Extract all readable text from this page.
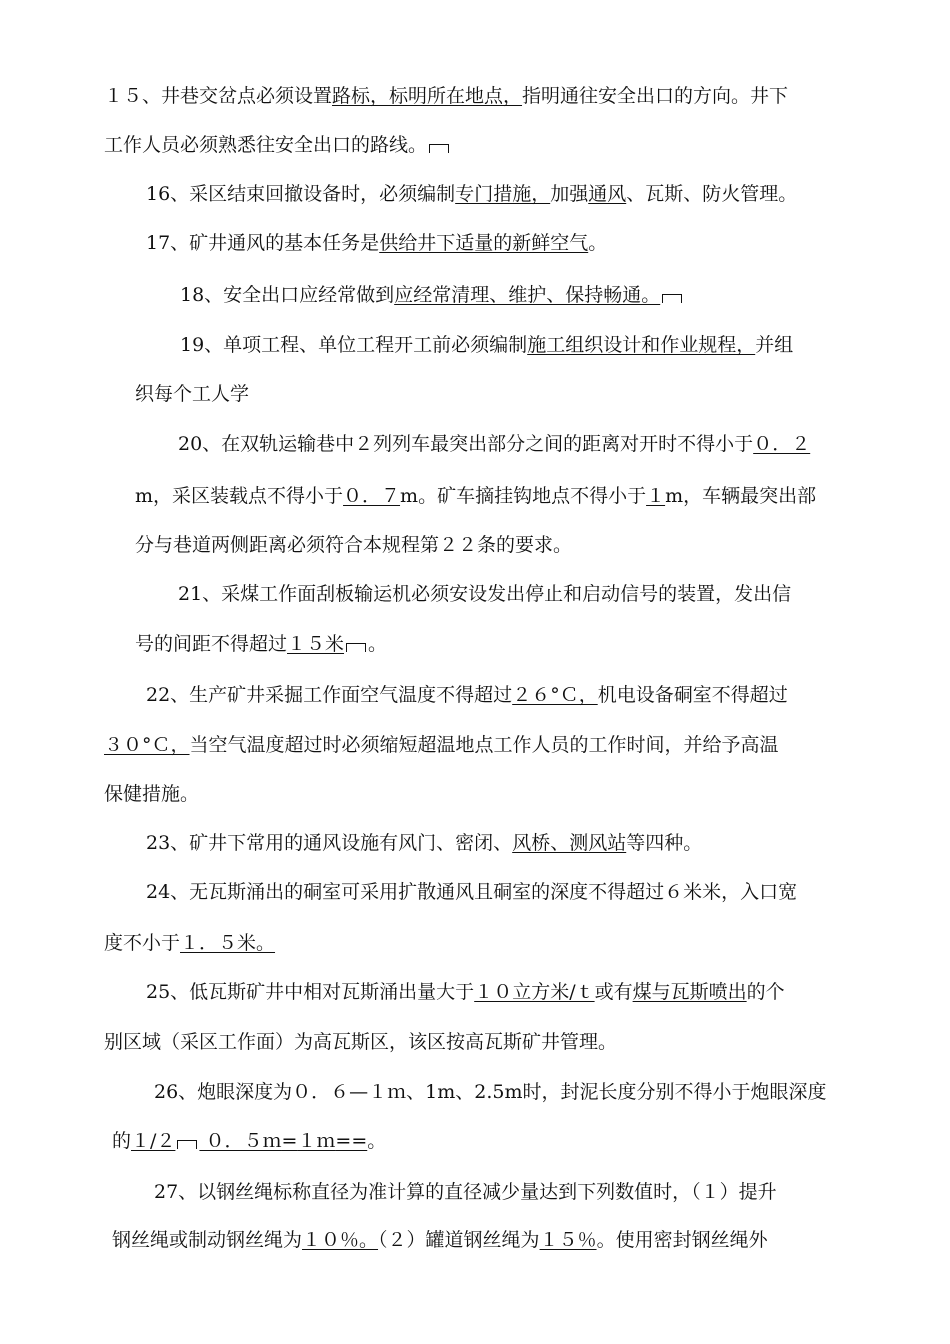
１５、井巷交岔点必须设置路标，标明所在地点，指明通往安全出口的方向。井下
工作人员必须熟悉往安全出口的路线。
16、采区结束回撤设备时，必须编制专门措施，加强通风、瓦斯、防火管理。
17、矿井通风的基本任务是供给井下适量的新鲜空气。
18、安全出口应经常做到应经常清理、维护、保持畅通。
19、单项工程、单位工程开工前必须编制施工组织设计和作业规程，并组
织每个工人学
20、在双轨运输巷中２列列车最突出部分之间的距离对开时不得小于０．２
m，采区装载点不得小于０．７m。矿车摘挂钩地点不得小于１m，车辆最突出部
分与巷道两侧距离必须符合本规程第２２条的要求。
21、采煤工作面刮板输运机必须安设发出停止和启动信号的装置，发出信
号的间距不得超过１５米 。
22、生产矿井采掘工作面空气温度不得超过２６°Ｃ，机电设备硐室不得超过
３０°Ｃ，当空气温度超过时必须缩短超温地点工作人员的工作时间，并给予高温
保健措施。
23、矿井下常用的通风设施有风门、密闭、风桥、测风站等四种。
24、无瓦斯涌出的硐室可采用扩散通风且硐室的深度不得超过６米米，入口宽
度不小于１．５米。
25、低瓦斯矿井中相对瓦斯涌出量大于１０立方米/ｔ或有煤与瓦斯喷出的个
别区域（采区工作面）为高瓦斯区，该区按高瓦斯矿井管理。
26、炮眼深度为０．６—１ｍ、1m、2.5m时，封泥长度分别不得小于炮眼深度
的１/２ ０．５ｍ=１ｍ==。
27、以钢丝绳标称直径为准计算的直径减少量达到下列数值时，（１）提升
钢丝绳或制动钢丝绳为１０％。（２）罐道钢丝绳为１５％。使用密封钢丝绳外
